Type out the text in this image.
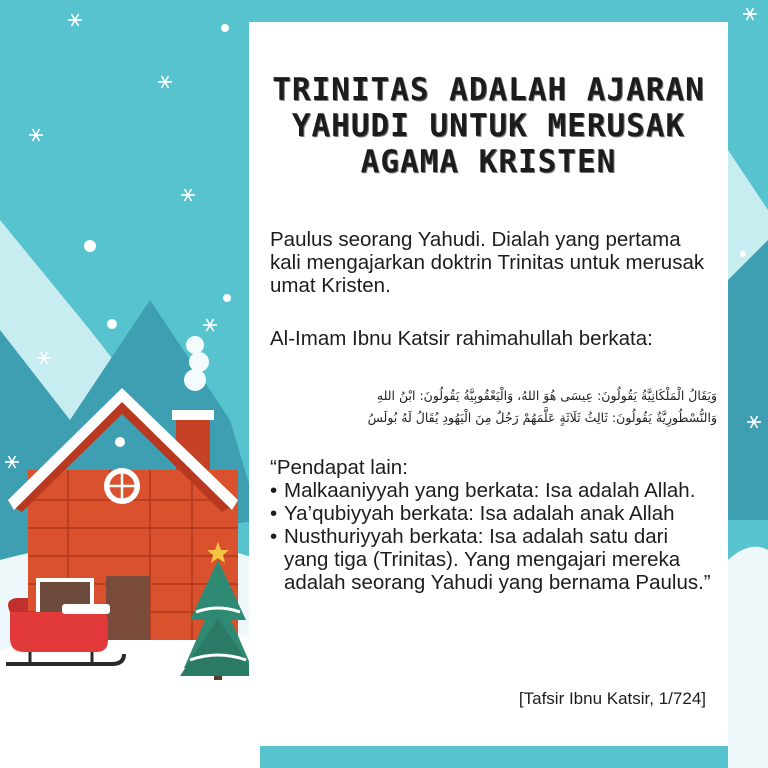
TRINITAS ADALAH AJARAN
YAHUDI UNTUK MERUSAK
AGAMA KRISTEN
Paulus seorang Yahudi. Dialah yang pertama kali mengajarkan doktrin Trinitas untuk merusak umat Kristen.
Al-Imam Ibnu Katsir rahimahullah berkata:
وَيَقَالُ الْمَلْكَانِيَّةُ يَقُولُونَ: عِيسَى هُوَ اللهُ، وَالْيَعْقُوبِيَّةُ يَقُولُونَ: ابْنُ اللهِ
وَالنُّسْطُورِيَّةُ يَقُولُونَ: ثَالِثُ ثَلَاثَةٍ عَلَّمَهُمْ رَجُلٌ مِنَ الْيَهُودِ يُقَالُ لَهُ بُولَسُ
“Pendapat lain:
• Malkaaniyyah yang berkata: Isa adalah Allah.
• Ya’qubiyyah berkata: Isa adalah anak Allah
• Nusthuriyyah berkata: Isa adalah satu dari yang tiga (Trinitas). Yang mengajari mereka adalah seorang Yahudi yang bernama Paulus.”
[Tafsir Ibnu Katsir, 1/724]
